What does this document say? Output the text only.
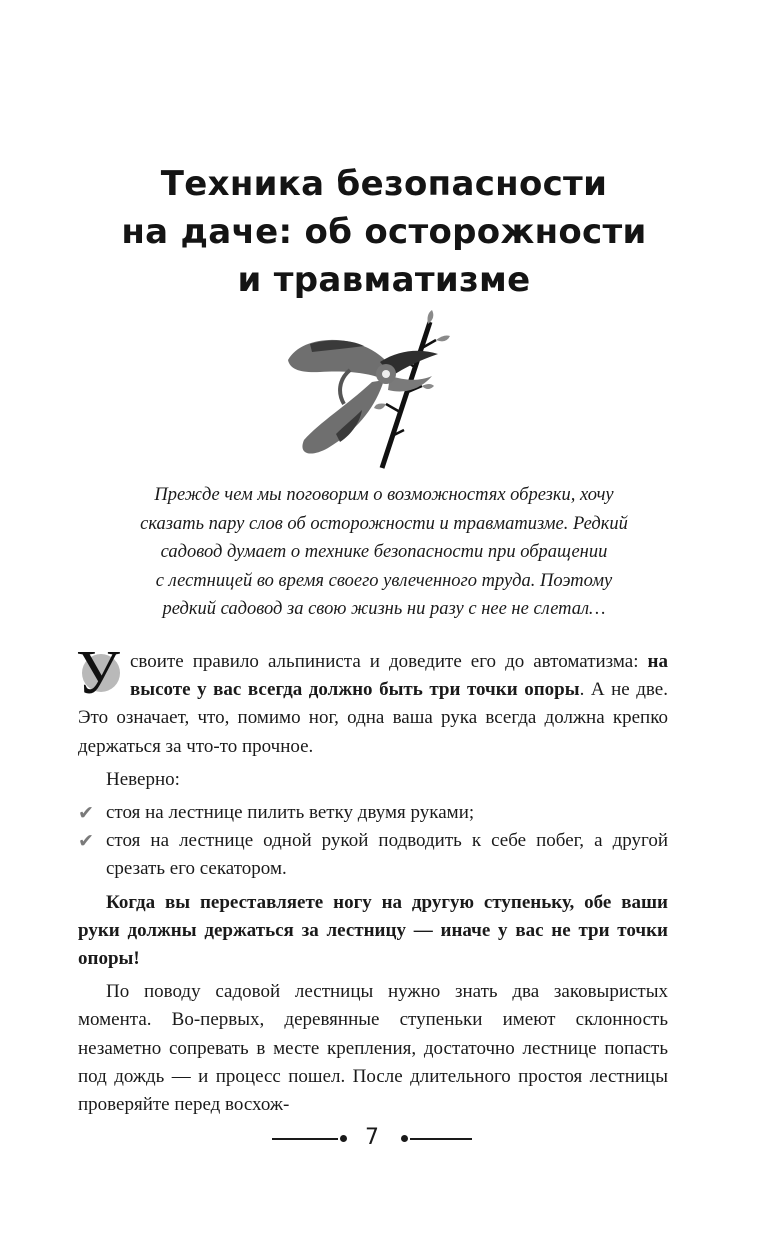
Техника безопасности
на даче: об осторожности
и травматизме
Прежде чем мы поговорим о возможностях обрезки, хочу
сказать пару слов об осторожности и травматизме. Редкий
садовод думает о технике безопасности при обращении
с лестницей во время своего увлеченного труда. Поэтому
редкий садовод за свою жизнь ни разу с нее не слетал…

У своите правило альпиниста и доведите его до автоматизма: на высоте у вас всегда должно быть три точки опоры. А не две. Это означает, что, помимо ног, одна ваша рука всегда должна крепко держаться за что-то прочное.

Неверно:

✔ стоя на лестнице пилить ветку двумя руками;
✔ стоя на лестнице одной рукой подводить к себе побег, а другой срезать его секатором.

Когда вы переставляете ногу на другую ступеньку, обе ваши руки должны держаться за лестницу — иначе у вас не три точки опоры!

По поводу садовой лестницы нужно знать два заковыристых момента. Во-первых, деревянные ступеньки имеют склонность незаметно сопревать в месте крепления, достаточно лестнице попасть под дождь — и процесс пошел. После длительного простоя лестницы проверяйте перед восхож-

7
